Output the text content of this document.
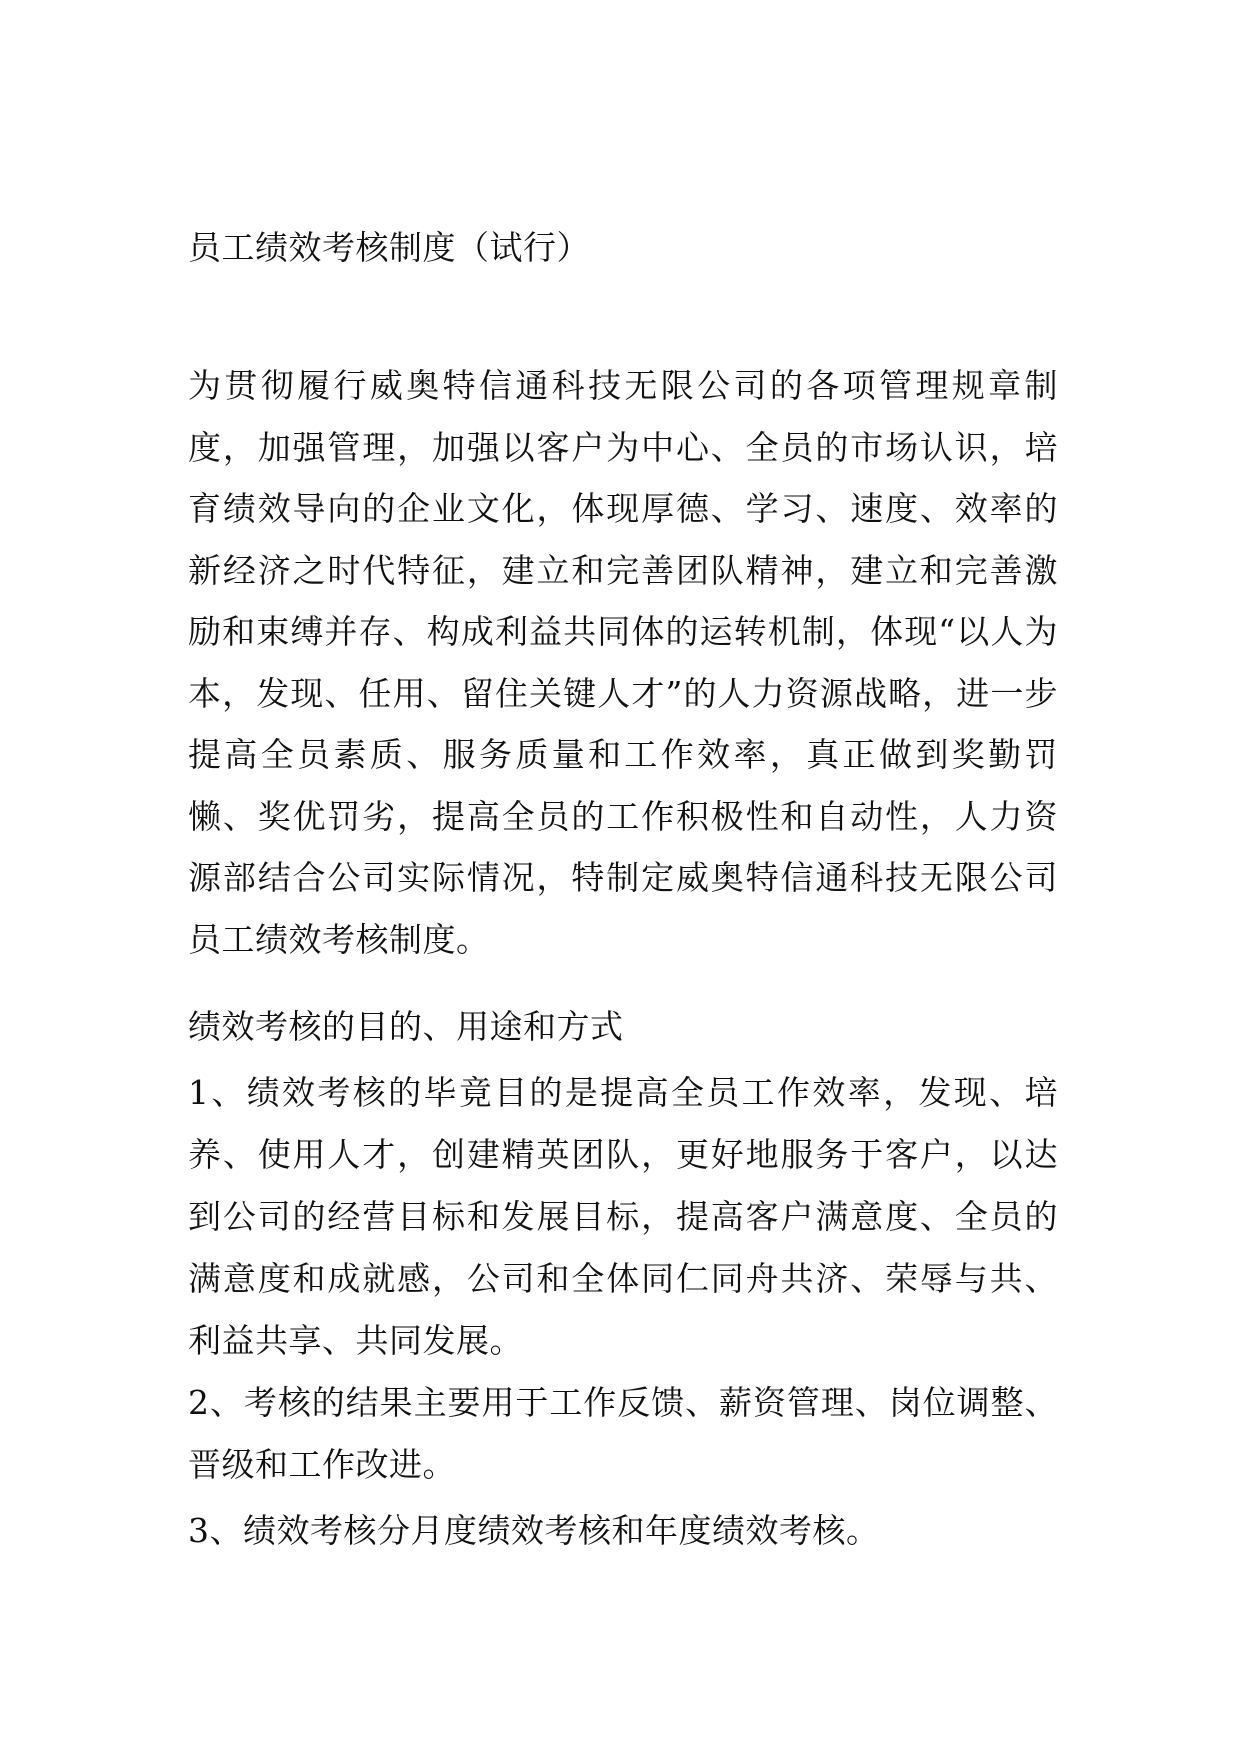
员工绩效考核制度（试行）
为贯彻履行威奥特信通科技无限公司的各项管理规章制度，加强管理，加强以客户为中心、全员的市场认识，培育绩效导向的企业文化，体现厚德、学习、速度、效率的新经济之时代特征，建立和完善团队精神，建立和完善激励和束缚并存、构成利益共同体的运转机制，体现“以人为本，发现、任用、留住关键人才”的人力资源战略，进一步提高全员素质、服务质量和工作效率，真正做到奖勤罚懒、奖优罚劣，提高全员的工作积极性和自动性，人力资源部结合公司实际情况，特制定威奥特信通科技无限公司员工绩效考核制度。
绩效考核的目的、用途和方式
1、绩效考核的毕竟目的是提高全员工作效率，发现、培养、使用人才，创建精英团队，更好地服务于客户，以达到公司的经营目标和发展目标，提高客户满意度、全员的满意度和成就感，公司和全体同仁同舟共济、荣辱与共、利益共享、共同发展。
2、考核的结果主要用于工作反馈、薪资管理、岗位调整、晋级和工作改进。
3、绩效考核分月度绩效考核和年度绩效考核。
